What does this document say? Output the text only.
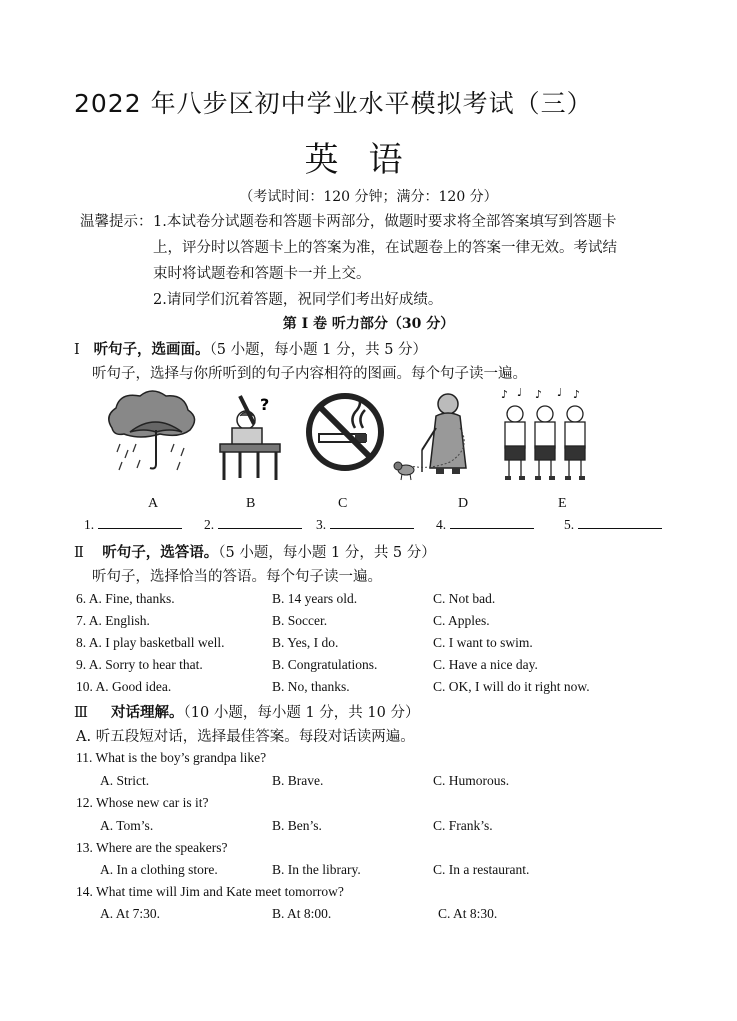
2022 年八步区初中学业水平模拟考试（三）
英语
（考试时间：120 分钟；满分：120 分）
温馨提示： 1.本试卷分试题卷和答题卡两部分，做题时要求将全部答案填写到答题卡
上，评分时以答题卡上的答案为准，在试题卷上的答案一律无效。考试结
束时将试题卷和答题卡一并上交。
2.请同学们沉着答题，祝同学们考出好成绩。
第 I 卷 听力部分（30 分）
I 听句子，选画面。（5 小题，每小题 1 分，共 5 分）
听句子，选择与你所听到的句子内容相符的图画。每个句子读一遍。
?
♪ ♩ ♪ ♩ ♪
A	B	C	D	E
1.	2.	3.	4.	5.
Ⅱ 听句子，选答语。（5 小题，每小题 1 分，共 5 分）
听句子，选择恰当的答语。每个句子读一遍。
6. A. Fine, thanks.	B. 14 years old.	C. Not bad.
7. A. English.	B. Soccer.	C. Apples.
8. A. I play basketball well.	B. Yes, I do.	C. I want to swim.
9. A. Sorry to hear that.	B. Congratulations.	C. Have a nice day.
10. A. Good idea.	B. No, thanks.	C. OK, I will do it right now.
Ⅲ 对话理解。（10 小题，每小题 1 分，共 10 分）
A. 听五段短对话，选择最佳答案。每段对话读两遍。
11. What is the boy’s grandpa like?
A. Strict.	B. Brave.	C. Humorous.
12. Whose new car is it?
A. Tom’s.	B. Ben’s.	C. Frank’s.
13. Where are the speakers?
A. In a clothing store.	B. In the library.	C. In a restaurant.
14. What time will Jim and Kate meet tomorrow?
A. At 7:30.	B. At 8:00.	C. At 8:30.
